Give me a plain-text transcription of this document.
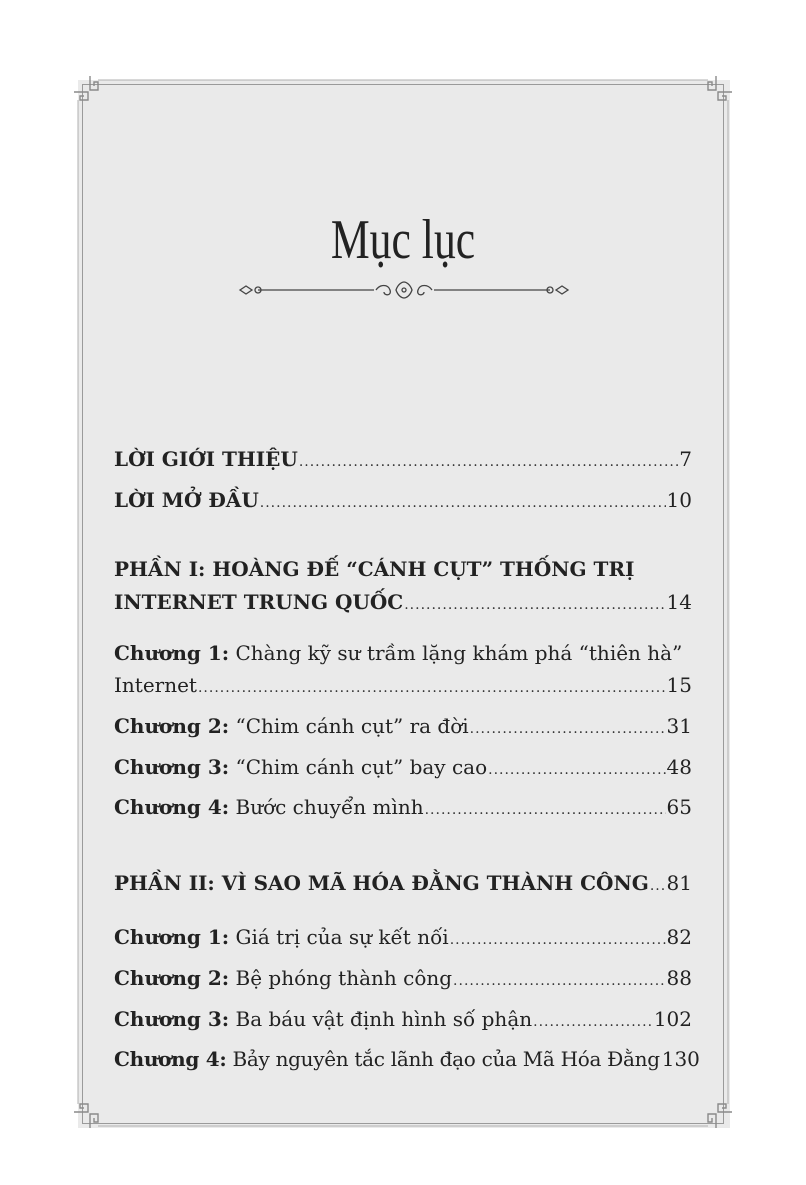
Mục lục
LỜI GIỚI THIỆU .....	7
LỜI MỞ ĐẦU .....	10
PHẦN I: HOÀNG ĐẾ “CÁNH CỤT” THỐNG TRỊ
INTERNET TRUNG QUỐC .....	14
Chương 1: Chàng kỹ sư trầm lặng khám phá “thiên hà”
Internet .....	15
Chương 2: “Chim cánh cụt” ra đời .....	31
Chương 3: “Chim cánh cụt” bay cao .....	48
Chương 4: Bước chuyển mình .....	65
PHẦN II: VÌ SAO MÃ HÓA ĐẰNG THÀNH CÔNG ..... 81
Chương 1: Giá trị của sự kết nối .....	82
Chương 2: Bệ phóng thành công .....	88
Chương 3: Ba báu vật định hình số phận .....	102
Chương 4: Bảy nguyên tắc lãnh đạo của Mã Hóa Đằng 130
